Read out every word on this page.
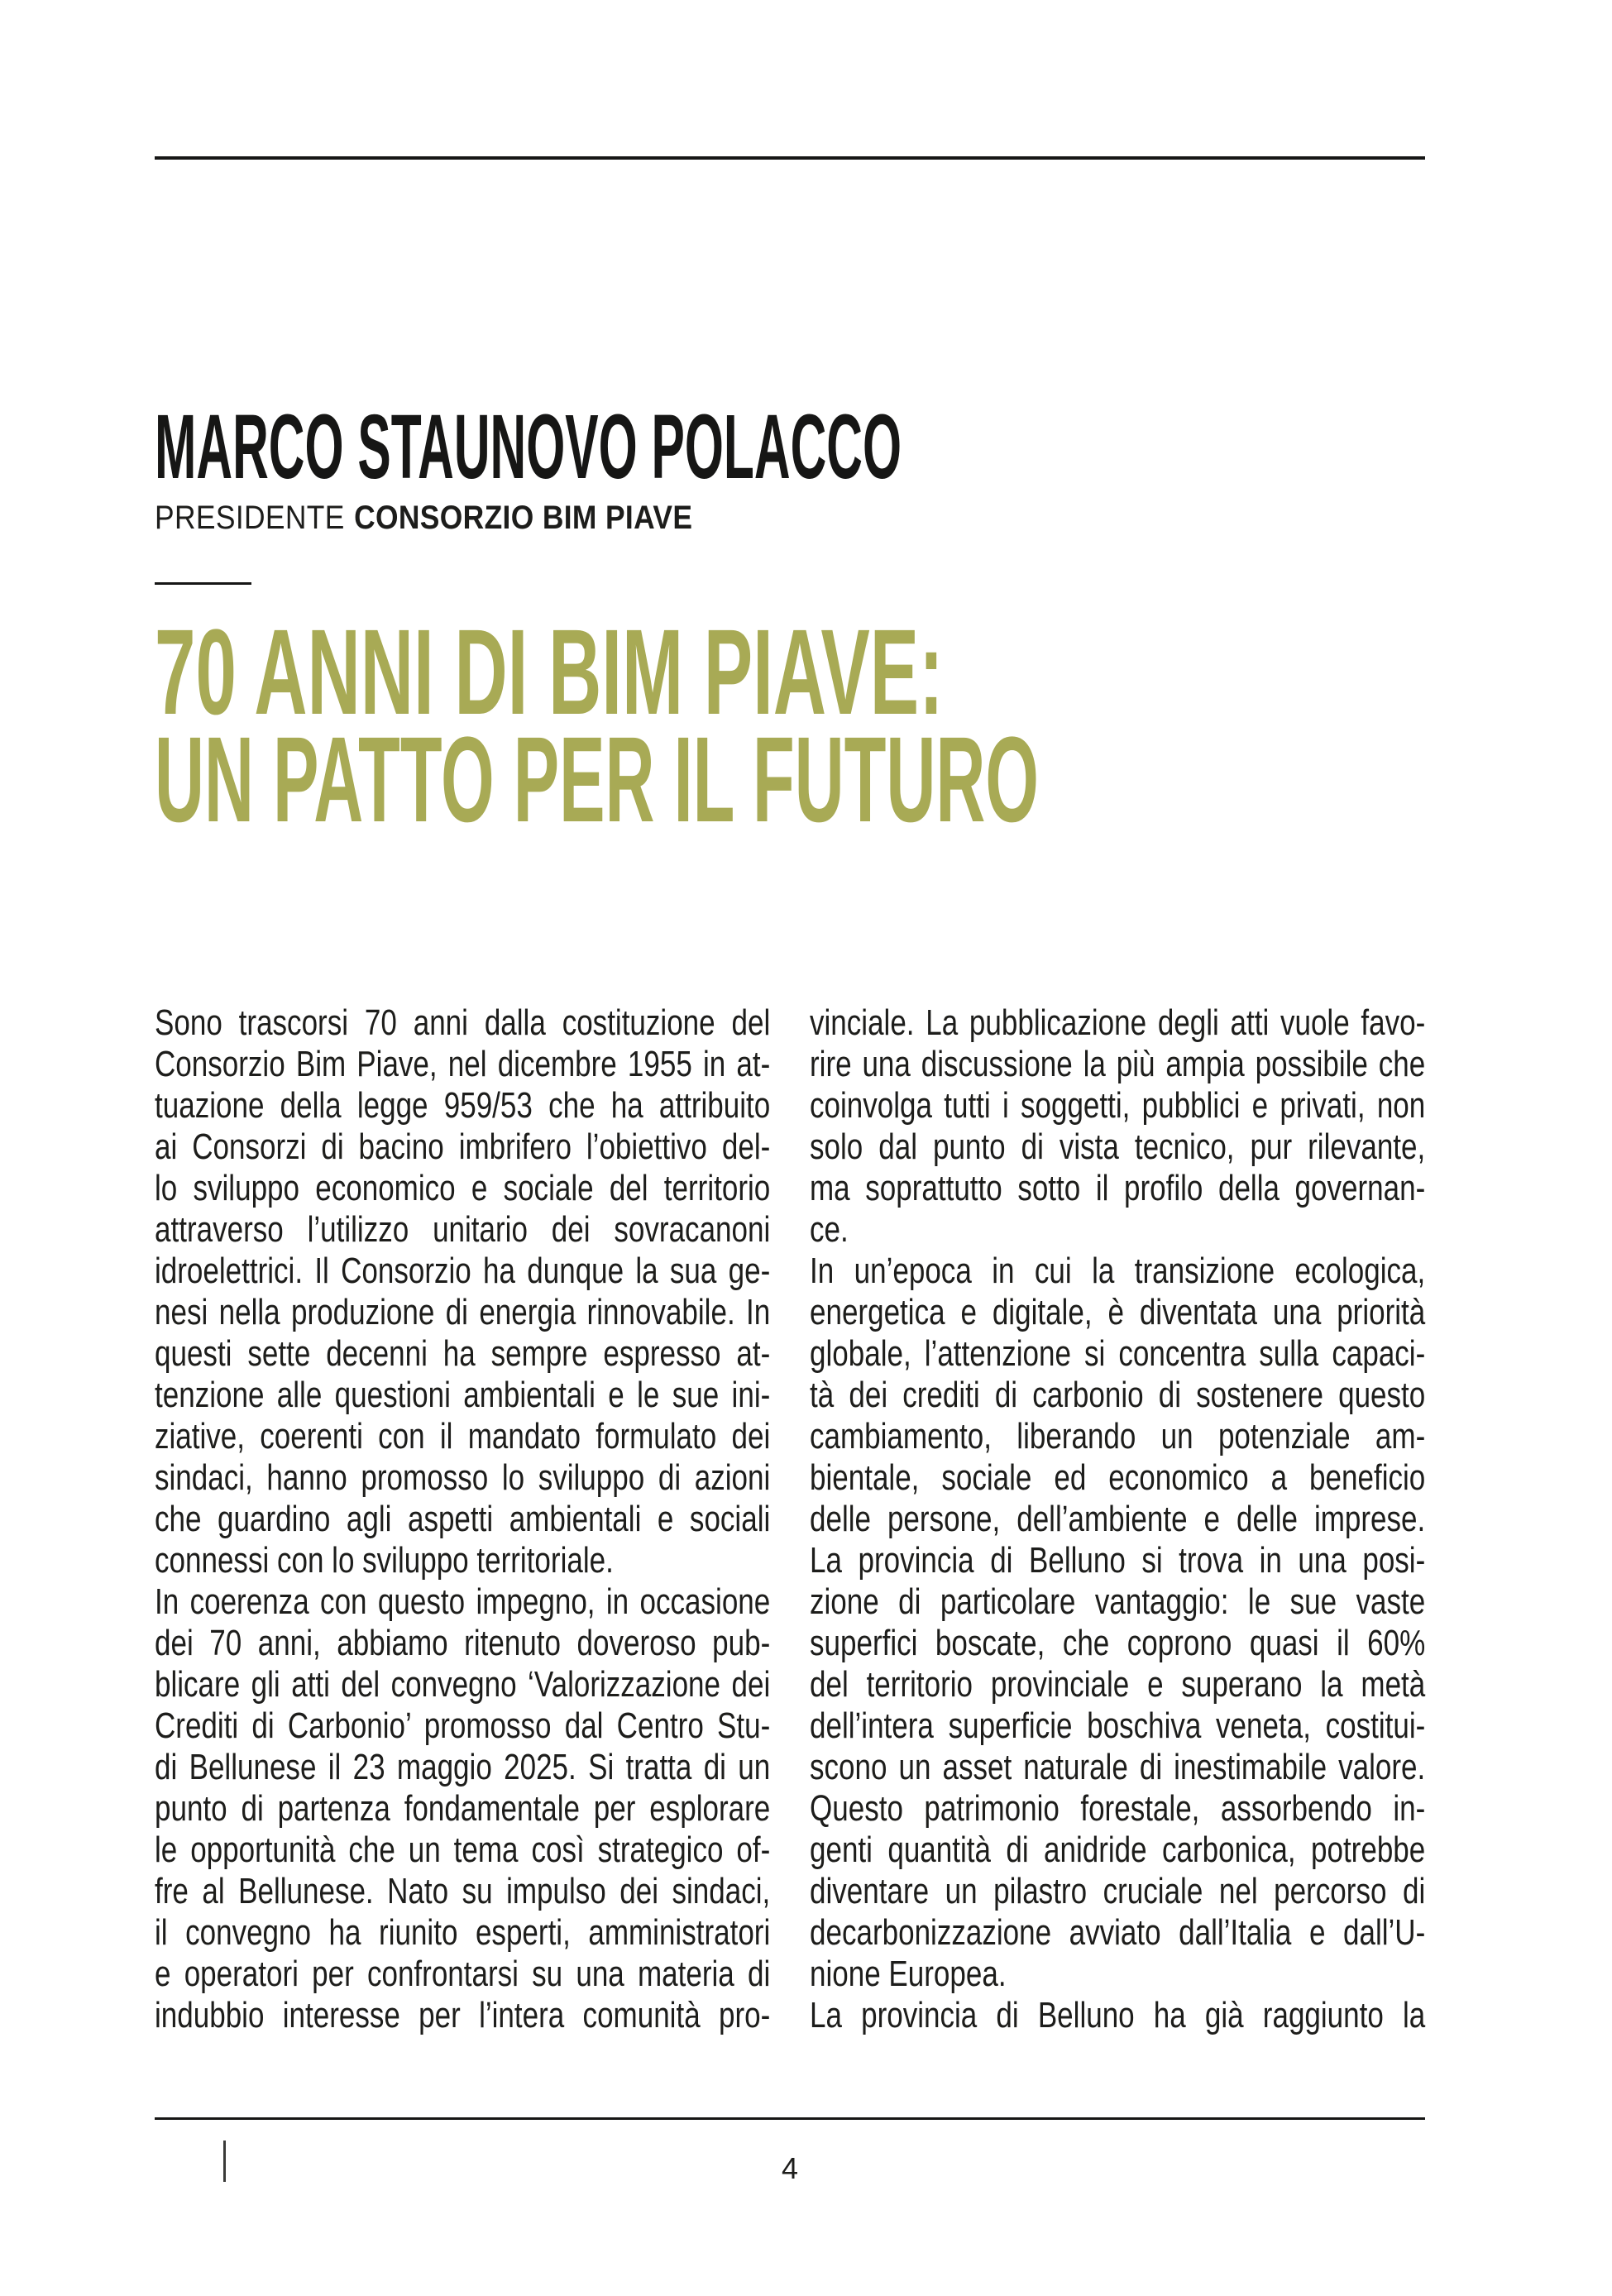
MARCO STAUNOVO POLACCO
PRESIDENTE CONSORZIO BIM PIAVE
70 ANNI DI BIM PIAVE:
UN PATTO PER IL FUTURO
Sono trascorsi 70 anni dalla costituzione del
Consorzio Bim Piave, nel dicembre 1955 in at-
tuazione della legge 959/53 che ha attribuito
ai Consorzi di bacino imbrifero l’obiettivo del-
lo sviluppo economico e sociale del territorio
attraverso l’utilizzo unitario dei sovracanoni
idroelettrici. Il Consorzio ha dunque la sua ge-
nesi nella produzione di energia rinnovabile. In
questi sette decenni ha sempre espresso at-
tenzione alle questioni ambientali e le sue ini-
ziative, coerenti con il mandato formulato dei
sindaci, hanno promosso lo sviluppo di azioni
che guardino agli aspetti ambientali e sociali
connessi con lo sviluppo territoriale.
In coerenza con questo impegno, in occasione
dei 70 anni, abbiamo ritenuto doveroso pub-
blicare gli atti del convegno ‘Valorizzazione dei
Crediti di Carbonio’ promosso dal Centro Stu-
di Bellunese il 23 maggio 2025. Si tratta di un
punto di partenza fondamentale per esplorare
le opportunità che un tema così strategico of-
fre al Bellunese. Nato su impulso dei sindaci,
il convegno ha riunito esperti, amministratori
e operatori per confrontarsi su una materia di
indubbio interesse per l’intera comunità pro-
vinciale. La pubblicazione degli atti vuole favo-
rire una discussione la più ampia possibile che
coinvolga tutti i soggetti, pubblici e privati, non
solo dal punto di vista tecnico, pur rilevante,
ma soprattutto sotto il profilo della governan-
ce.
In un’epoca in cui la transizione ecologica,
energetica e digitale, è diventata una priorità
globale, l’attenzione si concentra sulla capaci-
tà dei crediti di carbonio di sostenere questo
cambiamento, liberando un potenziale am-
bientale, sociale ed economico a beneficio
delle persone, dell’ambiente e delle imprese.
La provincia di Belluno si trova in una posi-
zione di particolare vantaggio: le sue vaste
superfici boscate, che coprono quasi il 60%
del territorio provinciale e superano la metà
dell’intera superficie boschiva veneta, costitui-
scono un asset naturale di inestimabile valore.
Questo patrimonio forestale, assorbendo in-
genti quantità di anidride carbonica, potrebbe
diventare un pilastro cruciale nel percorso di
decarbonizzazione avviato dall’Italia e dall’U-
nione Europea.
La provincia di Belluno ha già raggiunto la
4
